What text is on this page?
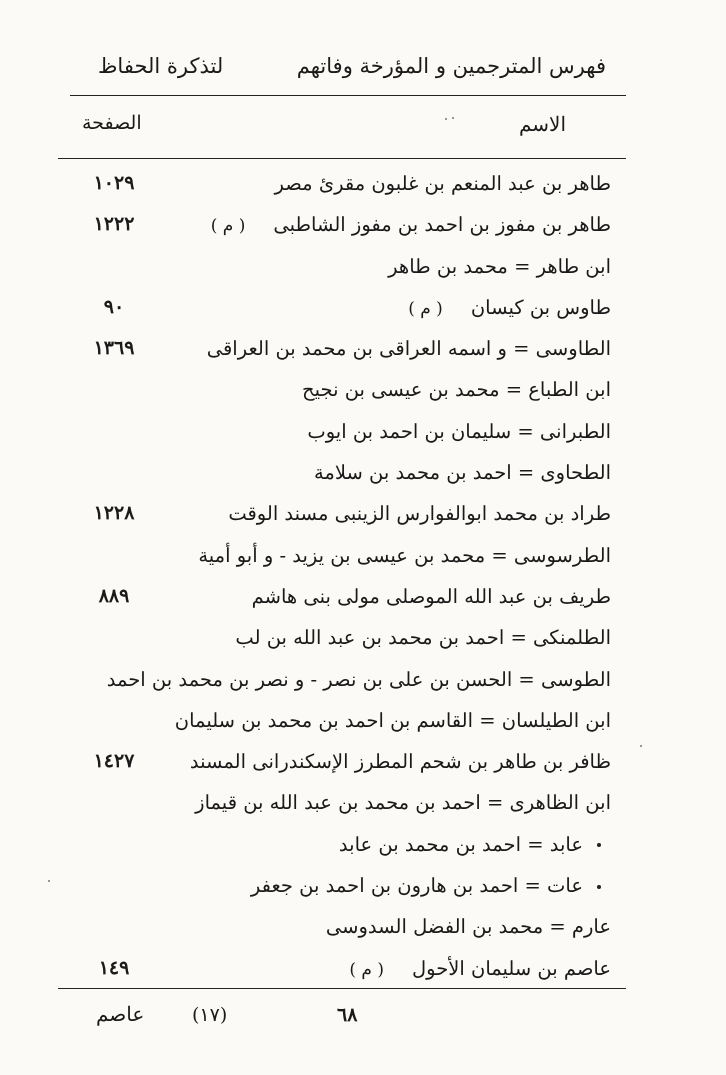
فهرس المترجمين و المؤرخة وفاتهم
لتذكرة الحفاظ
الاسم
الصفحة
طاهر بن عبد المنعم بن غلبون مقرئ مصر
١٠٢٩
طاهر بن مفوز بن احمد بن مفوز الشاطبی( م )
١٢٢٢
ابن طاهر = محمد بن طاهر
طاوس بن کیسان( م )
٩٠
الطاوسی = و اسمه العراقی بن محمد بن العراقی
١٣٦٩
ابن الطباع = محمد بن عیسی بن نجیح
الطبرانی = سلیمان بن احمد بن ایوب
الطحاوی = احمد بن محمد بن سلامة
طراد بن محمد ابوالفوارس الزینبی مسند الوقت
١٢٢٨
الطرسوسی = محمد بن عیسی بن یزید - و أبو أمیة
طریف بن عبد الله الموصلی مولی بنی هاشم
٨٨٩
الطلمنکی = احمد بن محمد بن عبد الله بن لب
الطوسی = الحسن بن علی بن نصر - و نصر بن محمد بن احمد
ابن الطیلسان = القاسم بن احمد بن محمد بن سلیمان
ظافر بن طاهر بن شحم المطرز الإسکندرانی المسند
١٤٢٧
ابن الظاهری = احمد بن محمد بن عبد الله بن قیماز
عابد = احمد بن محمد بن عابد
عات = احمد بن هارون بن احمد بن جعفر
عارم = محمد بن الفضل السدوسی
عاصم بن سلیمان الأحول( م )
١٤٩
عاصم	(١٧)	٦٨
